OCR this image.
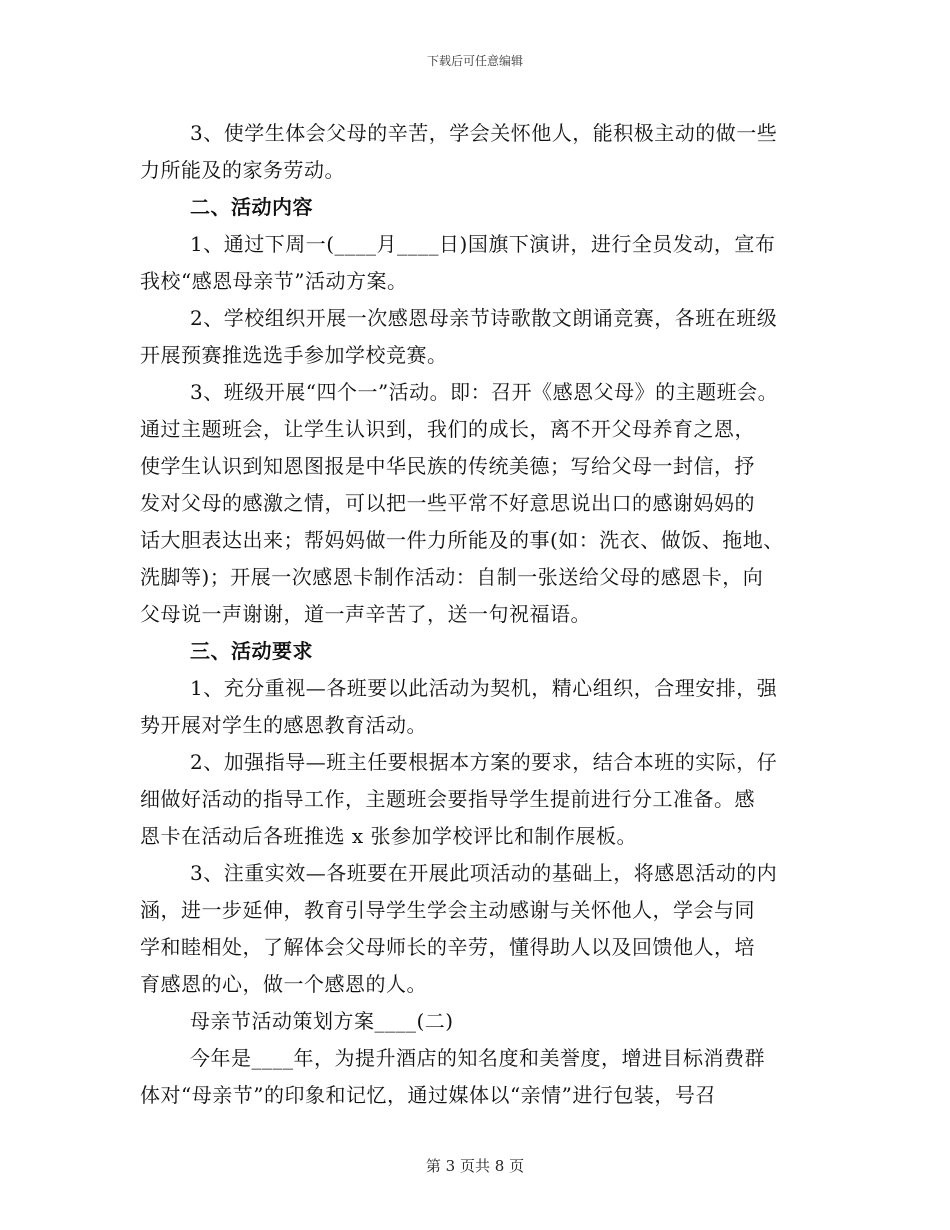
下载后可任意编辑
3、使学生体会父母的辛苦，学会关怀他人，能积极主动的做一些
力所能及的家务劳动。
二、活动内容
1、通过下周一(____月____日)国旗下演讲，进行全员发动，宣布
我校“感恩母亲节”活动方案。
2、学校组织开展一次感恩母亲节诗歌散文朗诵竞赛，各班在班级
开展预赛推选选手参加学校竞赛。
3、班级开展“四个一”活动。即：召开《感恩父母》的主题班会。
通过主题班会，让学生认识到，我们的成长，离不开父母养育之恩，
使学生认识到知恩图报是中华民族的传统美德；写给父母一封信，抒
发对父母的感激之情，可以把一些平常不好意思说出口的感谢妈妈的
话大胆表达出来；帮妈妈做一件力所能及的事(如：洗衣、做饭、拖地、
洗脚等)；开展一次感恩卡制作活动：自制一张送给父母的感恩卡，向
父母说一声谢谢，道一声辛苦了，送一句祝福语。
三、活动要求
1、充分重视—各班要以此活动为契机，精心组织，合理安排，强
势开展对学生的感恩教育活动。
2、加强指导—班主任要根据本方案的要求，结合本班的实际，仔
细做好活动的指导工作，主题班会要指导学生提前进行分工准备。感
恩卡在活动后各班推选 x 张参加学校评比和制作展板。
3、注重实效—各班要在开展此项活动的基础上，将感恩活动的内
涵，进一步延伸，教育引导学生学会主动感谢与关怀他人，学会与同
学和睦相处，了解体会父母师长的辛劳，懂得助人以及回馈他人，培
育感恩的心，做一个感恩的人。
母亲节活动策划方案____(二)
今年是____年，为提升酒店的知名度和美誉度，增进目标消费群
体对“母亲节”的印象和记忆，通过媒体以“亲情”进行包装，号召
第 3 页共 8 页
